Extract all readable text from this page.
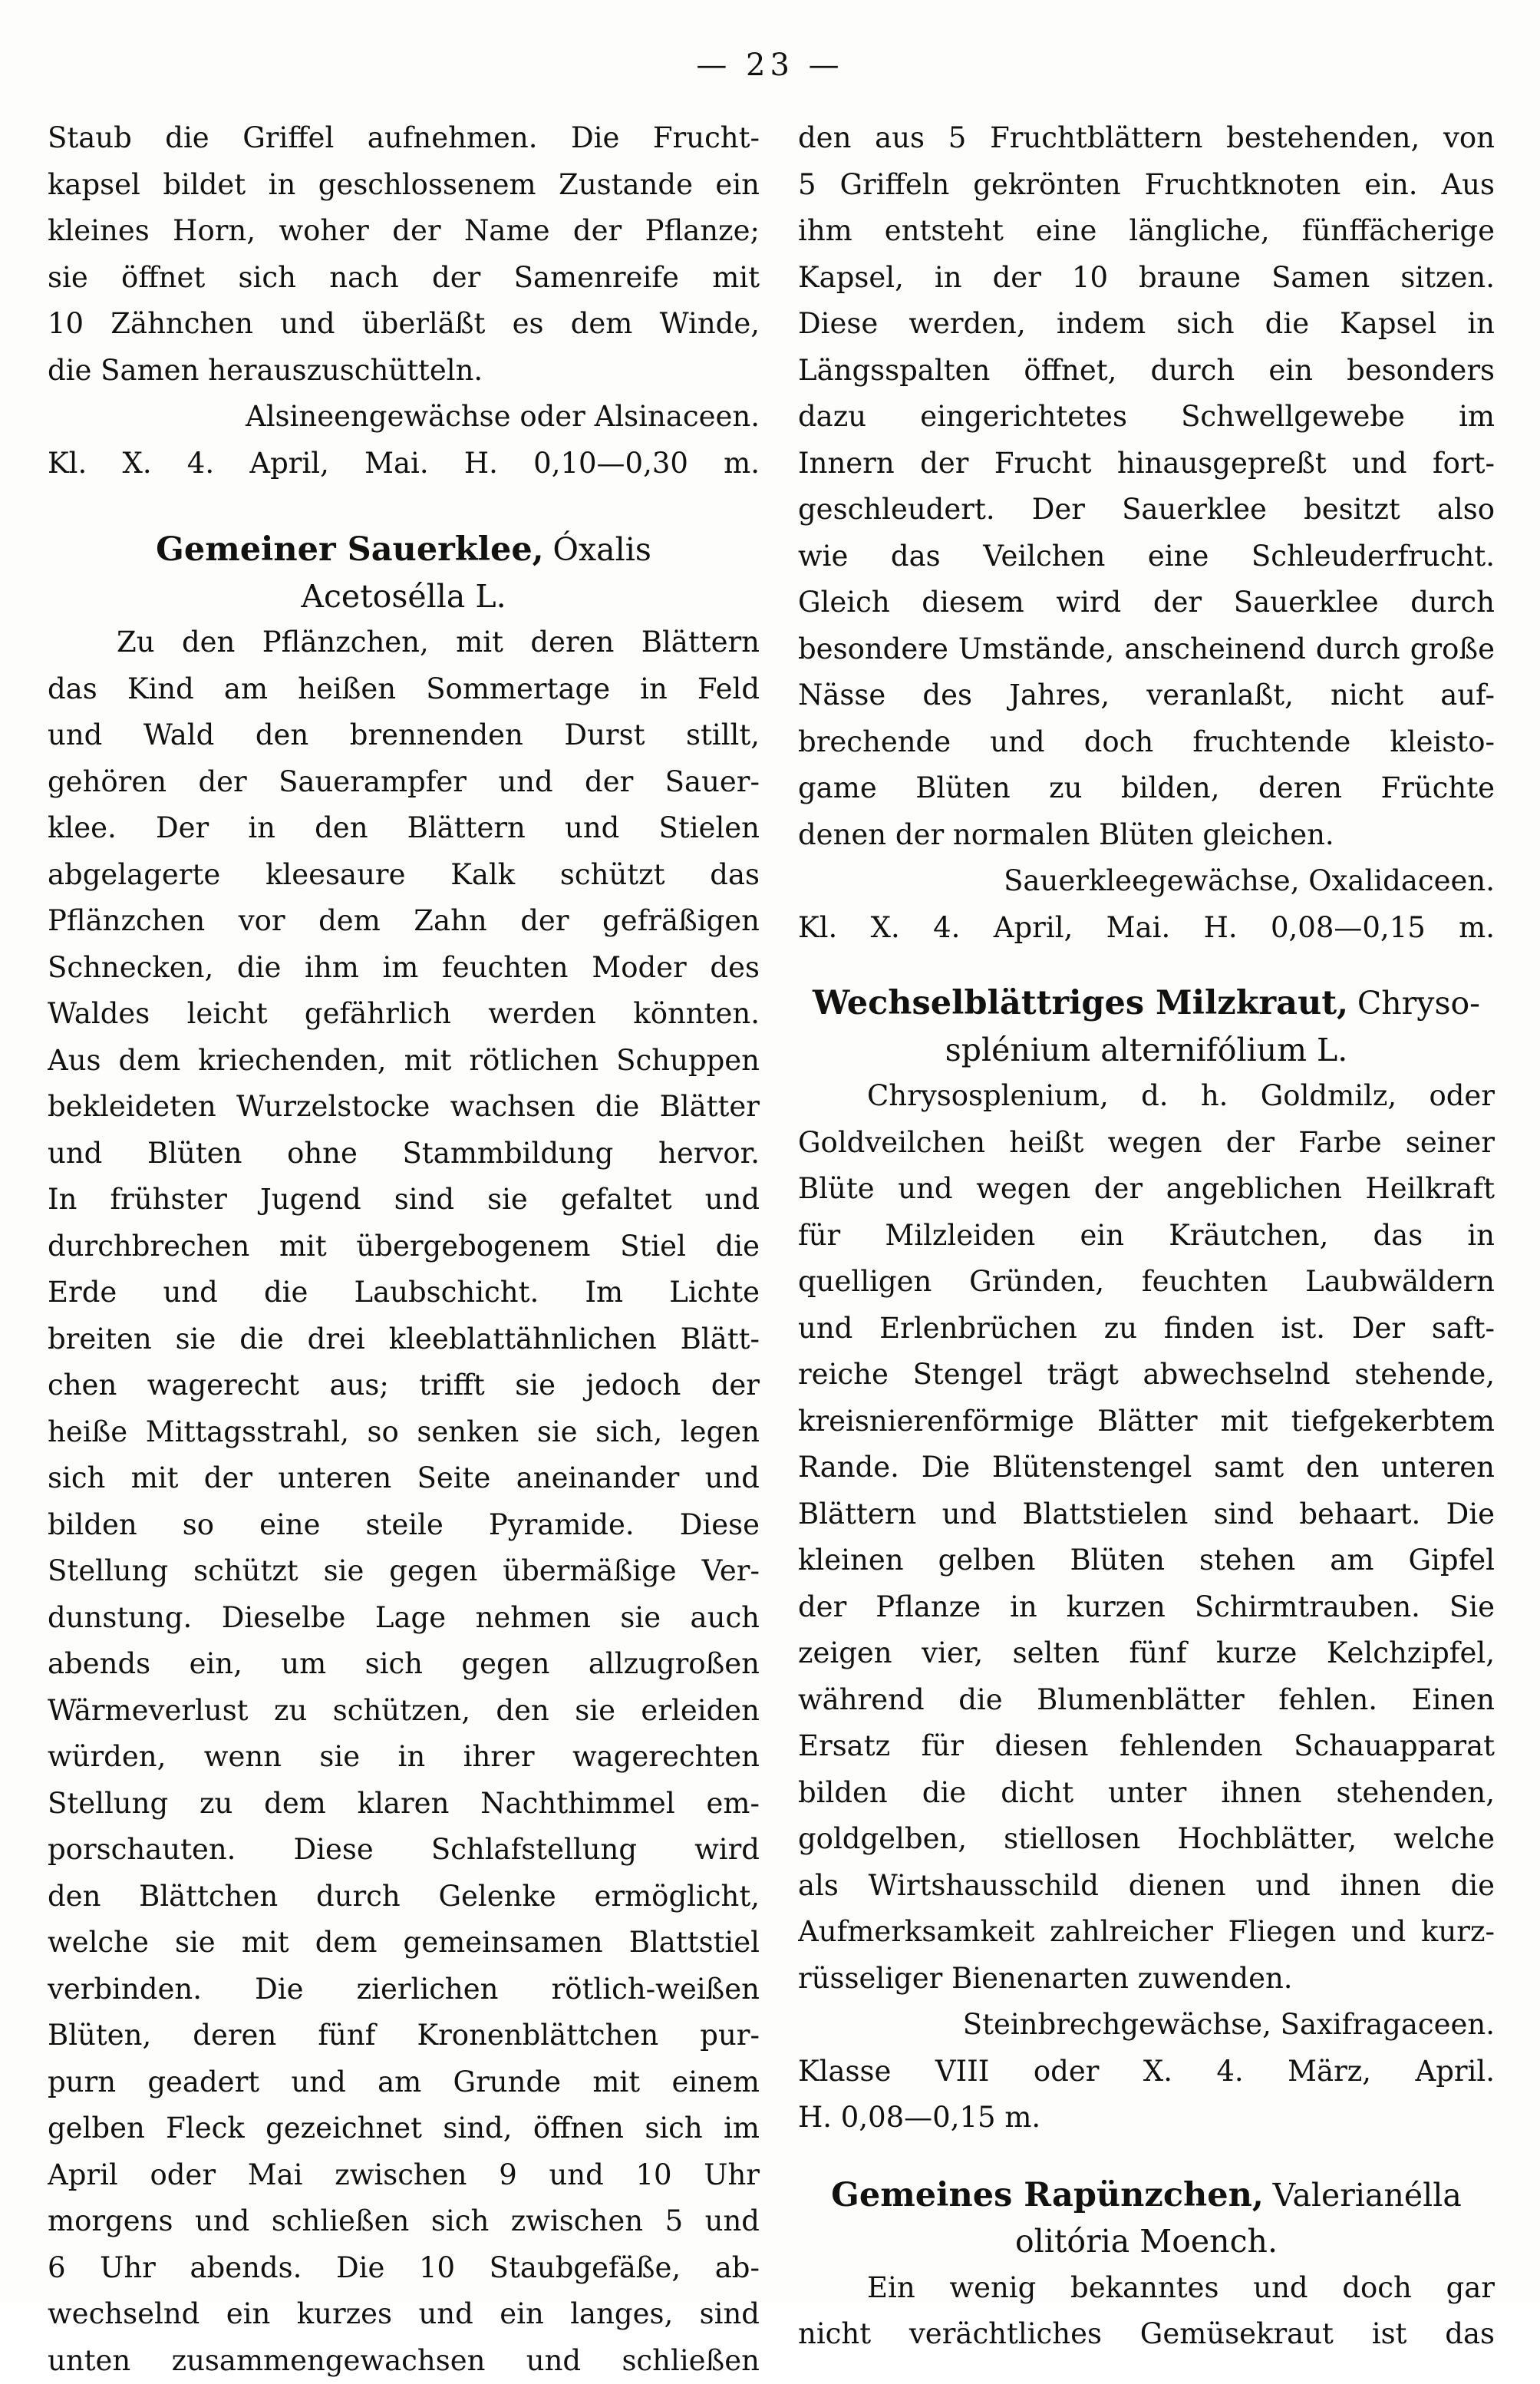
— 23 —
Staub die Griffel aufnehmen. Die Frucht-
kapsel bildet in geschlossenem Zustande ein
kleines Horn, woher der Name der Pflanze;
sie öffnet sich nach der Samenreife mit
10 Zähnchen und überläßt es dem Winde,
die Samen herauszuschütteln.
Alsineengewächse oder Alsinaceen.
Kl. X. 4. April, Mai. H. 0,10—0,30 m.
Gemeiner Sauerklee, Óxalis
Acetosélla L.
Zu den Pflänzchen, mit deren Blättern
das Kind am heißen Sommertage in Feld
und Wald den brennenden Durst stillt,
gehören der Sauerampfer und der Sauer-
klee. Der in den Blättern und Stielen
abgelagerte kleesaure Kalk schützt das
Pflänzchen vor dem Zahn der gefräßigen
Schnecken, die ihm im feuchten Moder des
Waldes leicht gefährlich werden könnten.
Aus dem kriechenden, mit rötlichen Schuppen
bekleideten Wurzelstocke wachsen die Blätter
und Blüten ohne Stammbildung hervor.
In frühster Jugend sind sie gefaltet und
durchbrechen mit übergebogenem Stiel die
Erde und die Laubschicht. Im Lichte
breiten sie die drei kleeblattähnlichen Blätt-
chen wagerecht aus; trifft sie jedoch der
heiße Mittagsstrahl, so senken sie sich, legen
sich mit der unteren Seite aneinander und
bilden so eine steile Pyramide. Diese
Stellung schützt sie gegen übermäßige Ver-
dunstung. Dieselbe Lage nehmen sie auch
abends ein, um sich gegen allzugroßen
Wärmeverlust zu schützen, den sie erleiden
würden, wenn sie in ihrer wagerechten
Stellung zu dem klaren Nachthimmel em-
porschauten. Diese Schlafstellung wird
den Blättchen durch Gelenke ermöglicht,
welche sie mit dem gemeinsamen Blattstiel
verbinden. Die zierlichen rötlich-weißen
Blüten, deren fünf Kronenblättchen pur-
purn geadert und am Grunde mit einem
gelben Fleck gezeichnet sind, öffnen sich im
April oder Mai zwischen 9 und 10 Uhr
morgens und schließen sich zwischen 5 und
6 Uhr abends. Die 10 Staubgefäße, ab-
wechselnd ein kurzes und ein langes, sind
unten zusammengewachsen und schließen
den aus 5 Fruchtblättern bestehenden, von
5 Griffeln gekrönten Fruchtknoten ein. Aus
ihm entsteht eine längliche, fünffächerige
Kapsel, in der 10 braune Samen sitzen.
Diese werden, indem sich die Kapsel in
Längsspalten öffnet, durch ein besonders
dazu eingerichtetes Schwellgewebe im
Innern der Frucht hinausgepreßt und fort-
geschleudert. Der Sauerklee besitzt also
wie das Veilchen eine Schleuderfrucht.
Gleich diesem wird der Sauerklee durch
besondere Umstände, anscheinend durch große
Nässe des Jahres, veranlaßt, nicht auf-
brechende und doch fruchtende kleisto-
game Blüten zu bilden, deren Früchte
denen der normalen Blüten gleichen.
Sauerkleegewächse, Oxalidaceen.
Kl. X. 4. April, Mai. H. 0,08—0,15 m.
Wechselblättriges Milzkraut, Chryso-
splénium alternifólium L.
Chrysosplenium, d. h. Goldmilz, oder
Goldveilchen heißt wegen der Farbe seiner
Blüte und wegen der angeblichen Heilkraft
für Milzleiden ein Kräutchen, das in
quelligen Gründen, feuchten Laubwäldern
und Erlenbrüchen zu finden ist. Der saft-
reiche Stengel trägt abwechselnd stehende,
kreisnierenförmige Blätter mit tiefgekerbtem
Rande. Die Blütenstengel samt den unteren
Blättern und Blattstielen sind behaart. Die
kleinen gelben Blüten stehen am Gipfel
der Pflanze in kurzen Schirmtrauben. Sie
zeigen vier, selten fünf kurze Kelchzipfel,
während die Blumenblätter fehlen. Einen
Ersatz für diesen fehlenden Schauapparat
bilden die dicht unter ihnen stehenden,
goldgelben, stiellosen Hochblätter, welche
als Wirtshausschild dienen und ihnen die
Aufmerksamkeit zahlreicher Fliegen und kurz-
rüsseliger Bienenarten zuwenden.
Steinbrechgewächse, Saxifragaceen.
Klasse VIII oder X. 4. März, April.
H. 0,08—0,15 m.
Gemeines Rapünzchen, Valerianélla
olitória Moench.
Ein wenig bekanntes und doch gar
nicht verächtliches Gemüsekraut ist das
